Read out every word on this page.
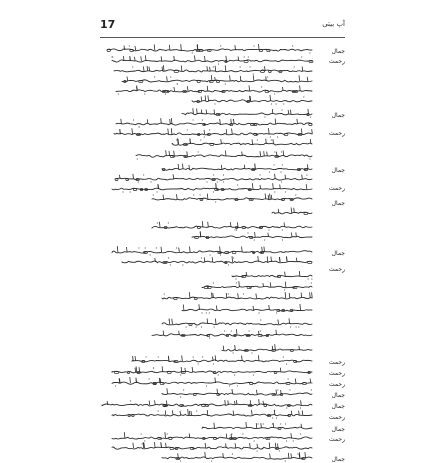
17	آپ بیتی
جمال
رحمت
جمال
رحمت
جمال
رحمت
جمال
جمال
رحمت
رحمت
رحمت
رحمت
جمال
جمال
رحمت
جمال
رحمت
جمال
